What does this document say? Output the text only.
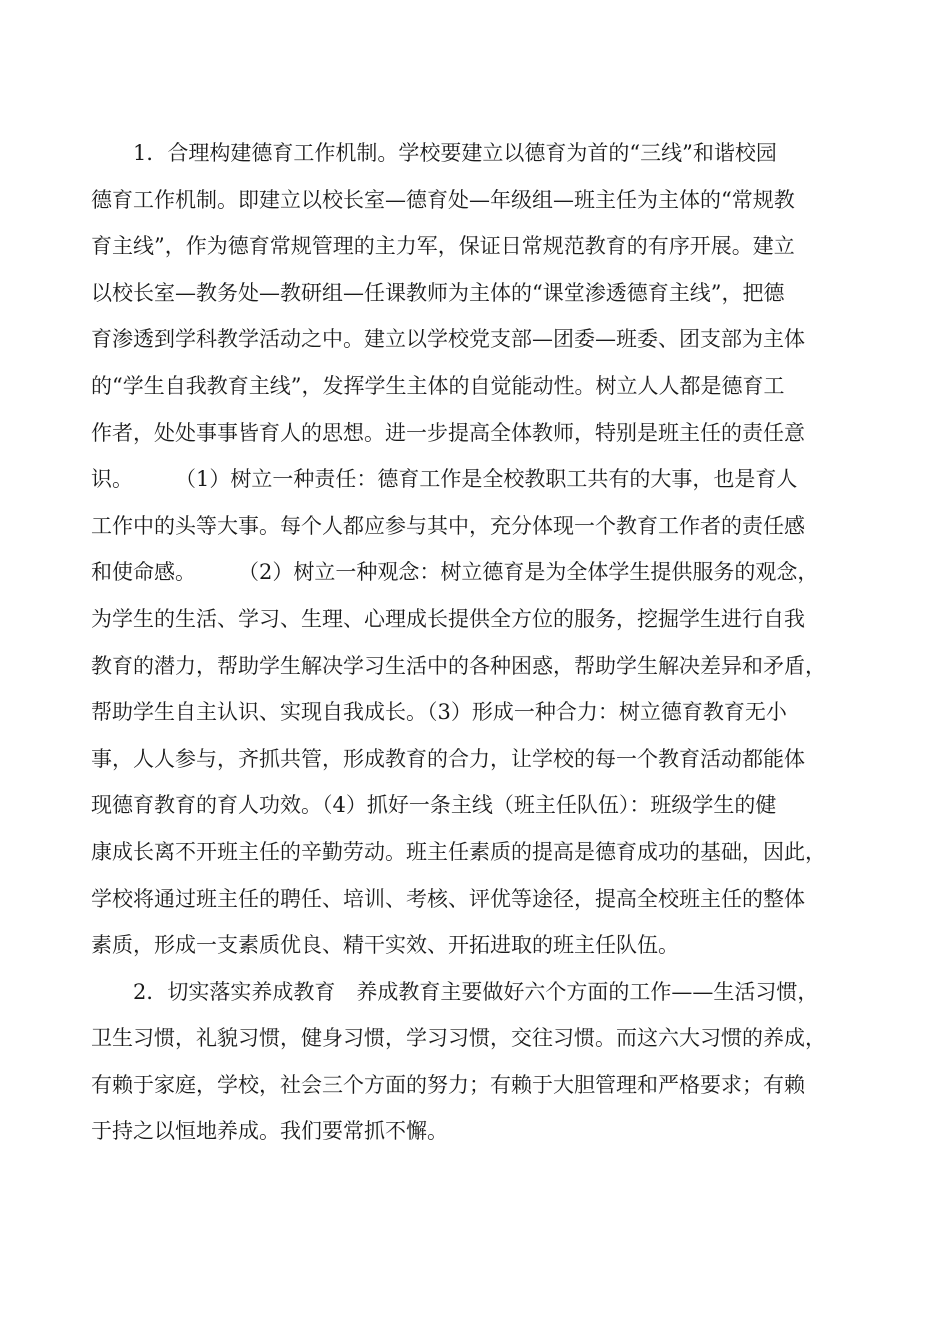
1．合理构建德育工作机制。学校要建立以德育为首的“三线”和谐校园
德育工作机制。即建立以校长室—德育处—年级组—班主任为主体的“常规教
育主线”，作为德育常规管理的主力军，保证日常规范教育的有序开展。建立
以校长室—教务处—教研组—任课教师为主体的“课堂渗透德育主线”，把德
育渗透到学科教学活动之中。建立以学校党支部—团委—班委、团支部为主体
的“学生自我教育主线”，发挥学生主体的自觉能动性。树立人人都是德育工
作者，处处事事皆育人的思想。进一步提高全体教师，特别是班主任的责任意
识。　　　（1）树立一种责任：德育工作是全校教职工共有的大事，也是育人
工作中的头等大事。每个人都应参与其中，充分体现一个教育工作者的责任感
和使命感。　　　（2）树立一种观念：树立德育是为全体学生提供服务的观念，
为学生的生活、学习、生理、心理成长提供全方位的服务，挖掘学生进行自我
教育的潜力，帮助学生解决学习生活中的各种困惑，帮助学生解决差异和矛盾，
帮助学生自主认识、实现自我成长。（3）形成一种合力：树立德育教育无小
事，人人参与，齐抓共管，形成教育的合力，让学校的每一个教育活动都能体
现德育教育的育人功效。（4）抓好一条主线（班主任队伍）：班级学生的健
康成长离不开班主任的辛勤劳动。班主任素质的提高是德育成功的基础，因此，
学校将通过班主任的聘任、培训、考核、评优等途径，提高全校班主任的整体
素质，形成一支素质优良、精干实效、开拓进取的班主任队伍。
2．切实落实养成教育　养成教育主要做好六个方面的工作——生活习惯，
卫生习惯，礼貌习惯，健身习惯，学习习惯，交往习惯。而这六大习惯的养成，
有赖于家庭，学校，社会三个方面的努力；有赖于大胆管理和严格要求；有赖
于持之以恒地养成。我们要常抓不懈。
